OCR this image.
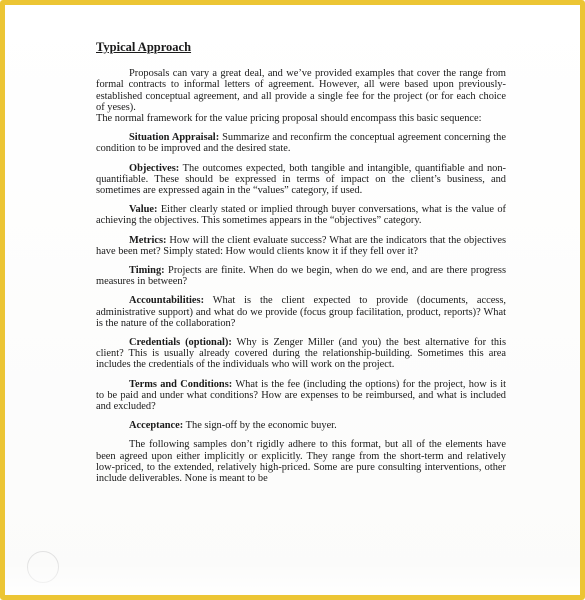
Typical Approach
Proposals can vary a great deal, and we’ve provided examples that cover the range from formal contracts to informal letters of agreement. However, all were based upon previously-established conceptual agreement, and all provide a single fee for the project (or for each choice of yeses).
The normal framework for the value pricing proposal should encompass this basic sequence:
Situation Appraisal: Summarize and reconfirm the conceptual agreement concerning the condition to be improved and the desired state.
Objectives: The outcomes expected, both tangible and intangible, quantifiable and non-quantifiable. These should be expressed in terms of impact on the client’s business, and sometimes are expressed again in the “values” category, if used.
Value: Either clearly stated or implied through buyer conversations, what is the value of achieving the objectives. This sometimes appears in the “objectives” category.
Metrics: How will the client evaluate success? What are the indicators that the objectives have been met? Simply stated: How would clients know it if they fell over it?
Timing: Projects are finite. When do we begin, when do we end, and are there progress measures in between?
Accountabilities: What is the client expected to provide (documents, access, administrative support) and what do we provide (focus group facilitation, product, reports)? What is the nature of the collaboration?
Credentials (optional): Why is Zenger Miller (and you) the best alternative for this client? This is usually already covered during the relationship-building. Sometimes this area includes the credentials of the individuals who will work on the project.
Terms and Conditions: What is the fee (including the options) for the project, how is it to be paid and under what conditions? How are expenses to be reimbursed, and what is included and excluded?
Acceptance: The sign-off by the economic buyer.
The following samples don’t rigidly adhere to this format, but all of the elements have been agreed upon either implicitly or explicitly. They range from the short-term and relatively low-priced, to the extended, relatively high-priced. Some are pure consulting interventions, other include deliverables. None is meant to be
